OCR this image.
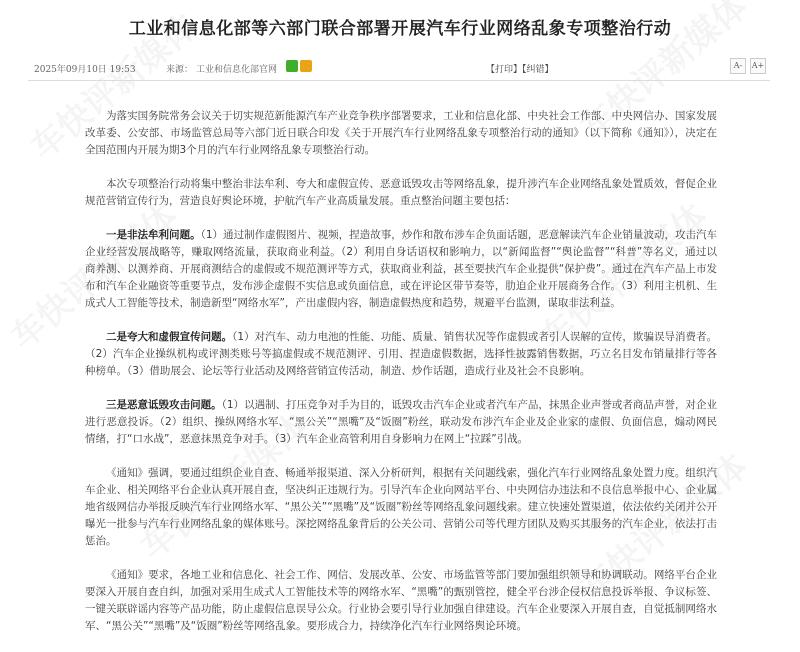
工业和信息化部等六部门联合部署开展汽车行业网络乱象专项整治行动
2025年09月10日 19:53	来源： 工业和信息化部官网	【打印】【纠错】	A-	A+

为落实国务院常务会议关于切实规范新能源汽车产业竞争秩序部署要求，工业和信息化部、中央社会工作部、中央网信办、国家发展改革委、公安部、市场监管总局等六部门近日联合印发《关于开展汽车行业网络乱象专项整治行动的通知》（以下简称《通知》），决定在全国范围内开展为期3个月的汽车行业网络乱象专项整治行动。

本次专项整治行动将集中整治非法牟利、夸大和虚假宣传、恶意诋毁攻击等网络乱象，提升涉汽车企业网络乱象处置质效，督促企业规范营销宣传行为，营造良好舆论环境，护航汽车产业高质量发展。重点整治问题主要包括：

一是非法牟利问题。（1）通过制作虚假图片、视频，捏造故事，炒作和散布涉车企负面话题，恶意解读汽车企业销量波动，攻击汽车企业经营发展战略等，赚取网络流量，获取商业利益。（2）利用自身话语权和影响力，以“新闻监督”“舆论监督”“科普”等名义，通过以商养测、以测养商、开展商测结合的虚假或不规范测评等方式，获取商业利益，甚至要挟汽车企业提供“保护费”。通过在汽车产品上市发布和汽车企业融资等重要节点，发布涉企虚假不实信息或负面信息，或在评论区带节奏等，肋迫企业开展商务合作。（3）利用主机机、生成式人工智能等技术，制造新型“网络水军”，产出虚假内容，制造虚假热度和趋势，规避平台监测，谋取非法利益。

二是夸大和虚假宣传问题。（1）对汽车、动力电池的性能、功能、质量、销售状况等作虚假或者引人误解的宣传，欺骗误导消费者。（2）汽车企业操纵机构或评测类账号等搞虚假或不规范测评、引用、捏造虚假数据，选择性披露销售数据，巧立名目发布销量排行等各种榜单。（3）借助展会、论坛等行业活动及网络营销宣传活动，制造、炒作话题，造成行业及社会不良影响。

三是恶意诋毁攻击问题。（1）以遇制、打压竞争对手为目的，诋毁攻击汽车企业或者汽车产品，抹黑企业声誉或者商品声誉，对企业进行恶意投诉。（2）组织、操纵网络水军、“黑公关”“黑嘴”及“饭圈”粉丝，联动发布涉汽车企业及企业家的虚假、负面信息，煽动网民情绪，打“口水战”，恶意抹黑竞争对手。（3）汽车企业高管利用自身影响力在网上“拉踩”引战。

《通知》强调，要通过组织企业自查、畅通举报渠道、深入分析研判，根据有关问题线索，强化汽车行业网络乱象处置力度。组织汽车企业、相关网络平台企业认真开展自查，坚决纠正违规行为。引导汽车企业向网站平台、中央网信办违法和不良信息举报中心、企业属地省级网信办举报反映汽车行业网络水军、“黑公关”“黑嘴”及“饭圈”粉丝等网络乱象问题线索。建立快速处置渠道，依法依约关闭并公开曝光一批参与汽车行业网络乱象的媒体账号。深挖网络乱象背后的公关公司、营销公司等代理方团队及购买其服务的汽车企业，依法打击惩治。

《通知》要求，各地工业和信息化、社会工作、网信、发展改革、公安、市场监管等部门要加强组织领导和协调联动。网络平台企业要深入开展自查自纠，加强对采用生成式人工智能技术等的网络水军、“黑嘴”的甄别管控，健全平台涉企侵权信息投诉举报、争议标签、一键关联辟谣内容等产品功能，防止虚假信息误导公众。行业协会要引导行业加强自律建设。汽车企业要深入开展自查，自觉抵制网络水军、“黑公关”“黑嘴”及“饭圈”粉丝等网络乱象。要形成合力，持续净化汽车行业网络舆论环境。
